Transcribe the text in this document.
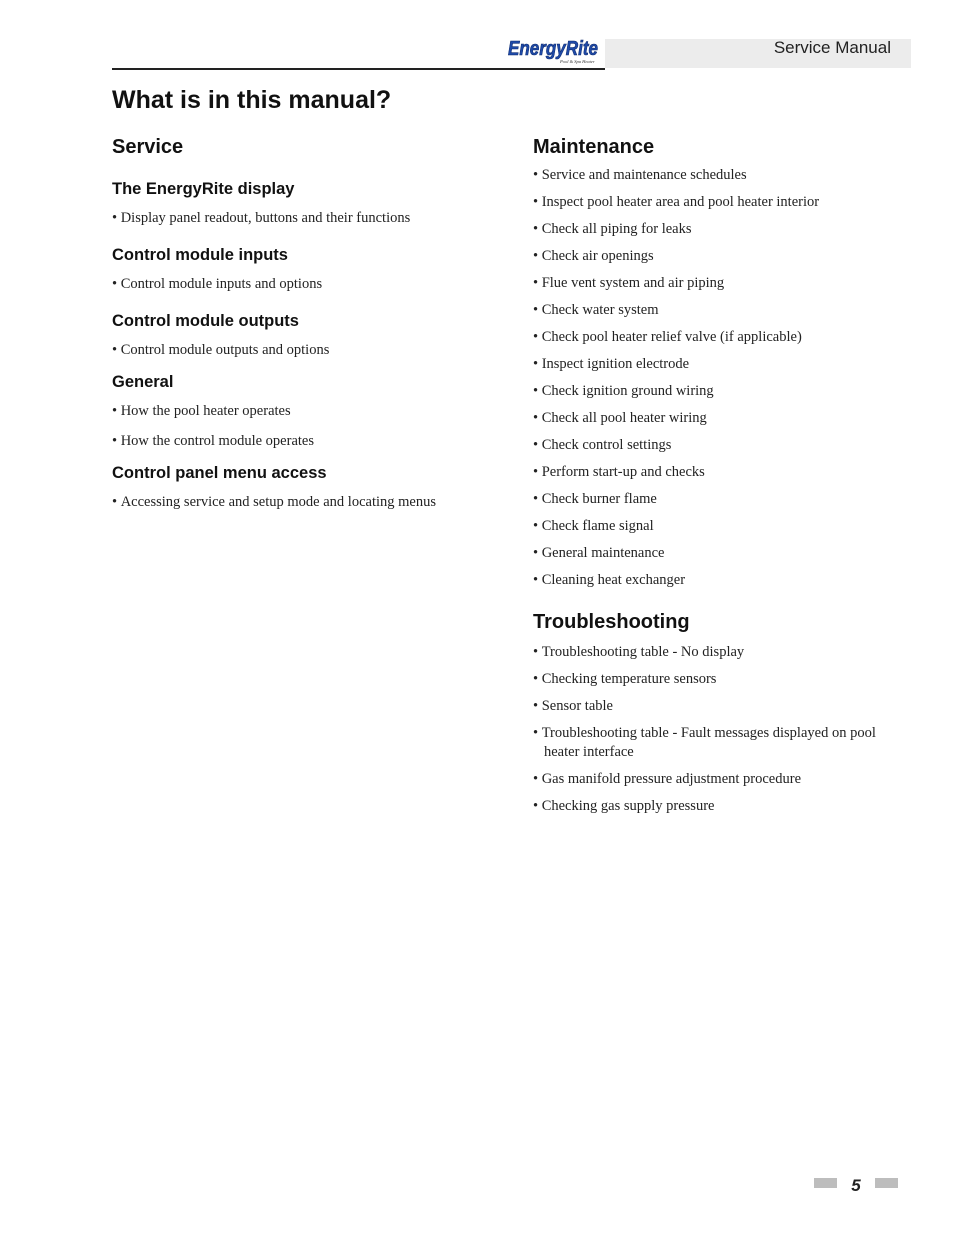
EnergyRite
Pool & Spa Heater
Service Manual
What is in this manual?
Service
The EnergyRite display
• Display panel readout, buttons and their functions
Control module inputs
• Control module inputs and options
Control module outputs
• Control module outputs and options
General
• How the pool heater operates
• How the control module operates
Control panel menu access
• Accessing service and setup mode and locating menus
Maintenance
• Service and maintenance schedules
• Inspect pool heater area and pool heater interior
• Check all piping for leaks
• Check air openings
• Flue vent system and air piping
• Check water system
• Check pool heater relief valve (if applicable)
• Inspect ignition electrode
• Check ignition ground wiring
• Check all pool heater wiring
• Check control settings
• Perform start-up and checks
• Check burner flame
• Check flame signal
• General maintenance
• Cleaning heat exchanger
Troubleshooting
• Troubleshooting table - No display
• Checking temperature sensors
• Sensor table
• Troubleshooting table - Fault messages displayed on pool heater interface
• Gas manifold pressure adjustment procedure
• Checking gas supply pressure
5
